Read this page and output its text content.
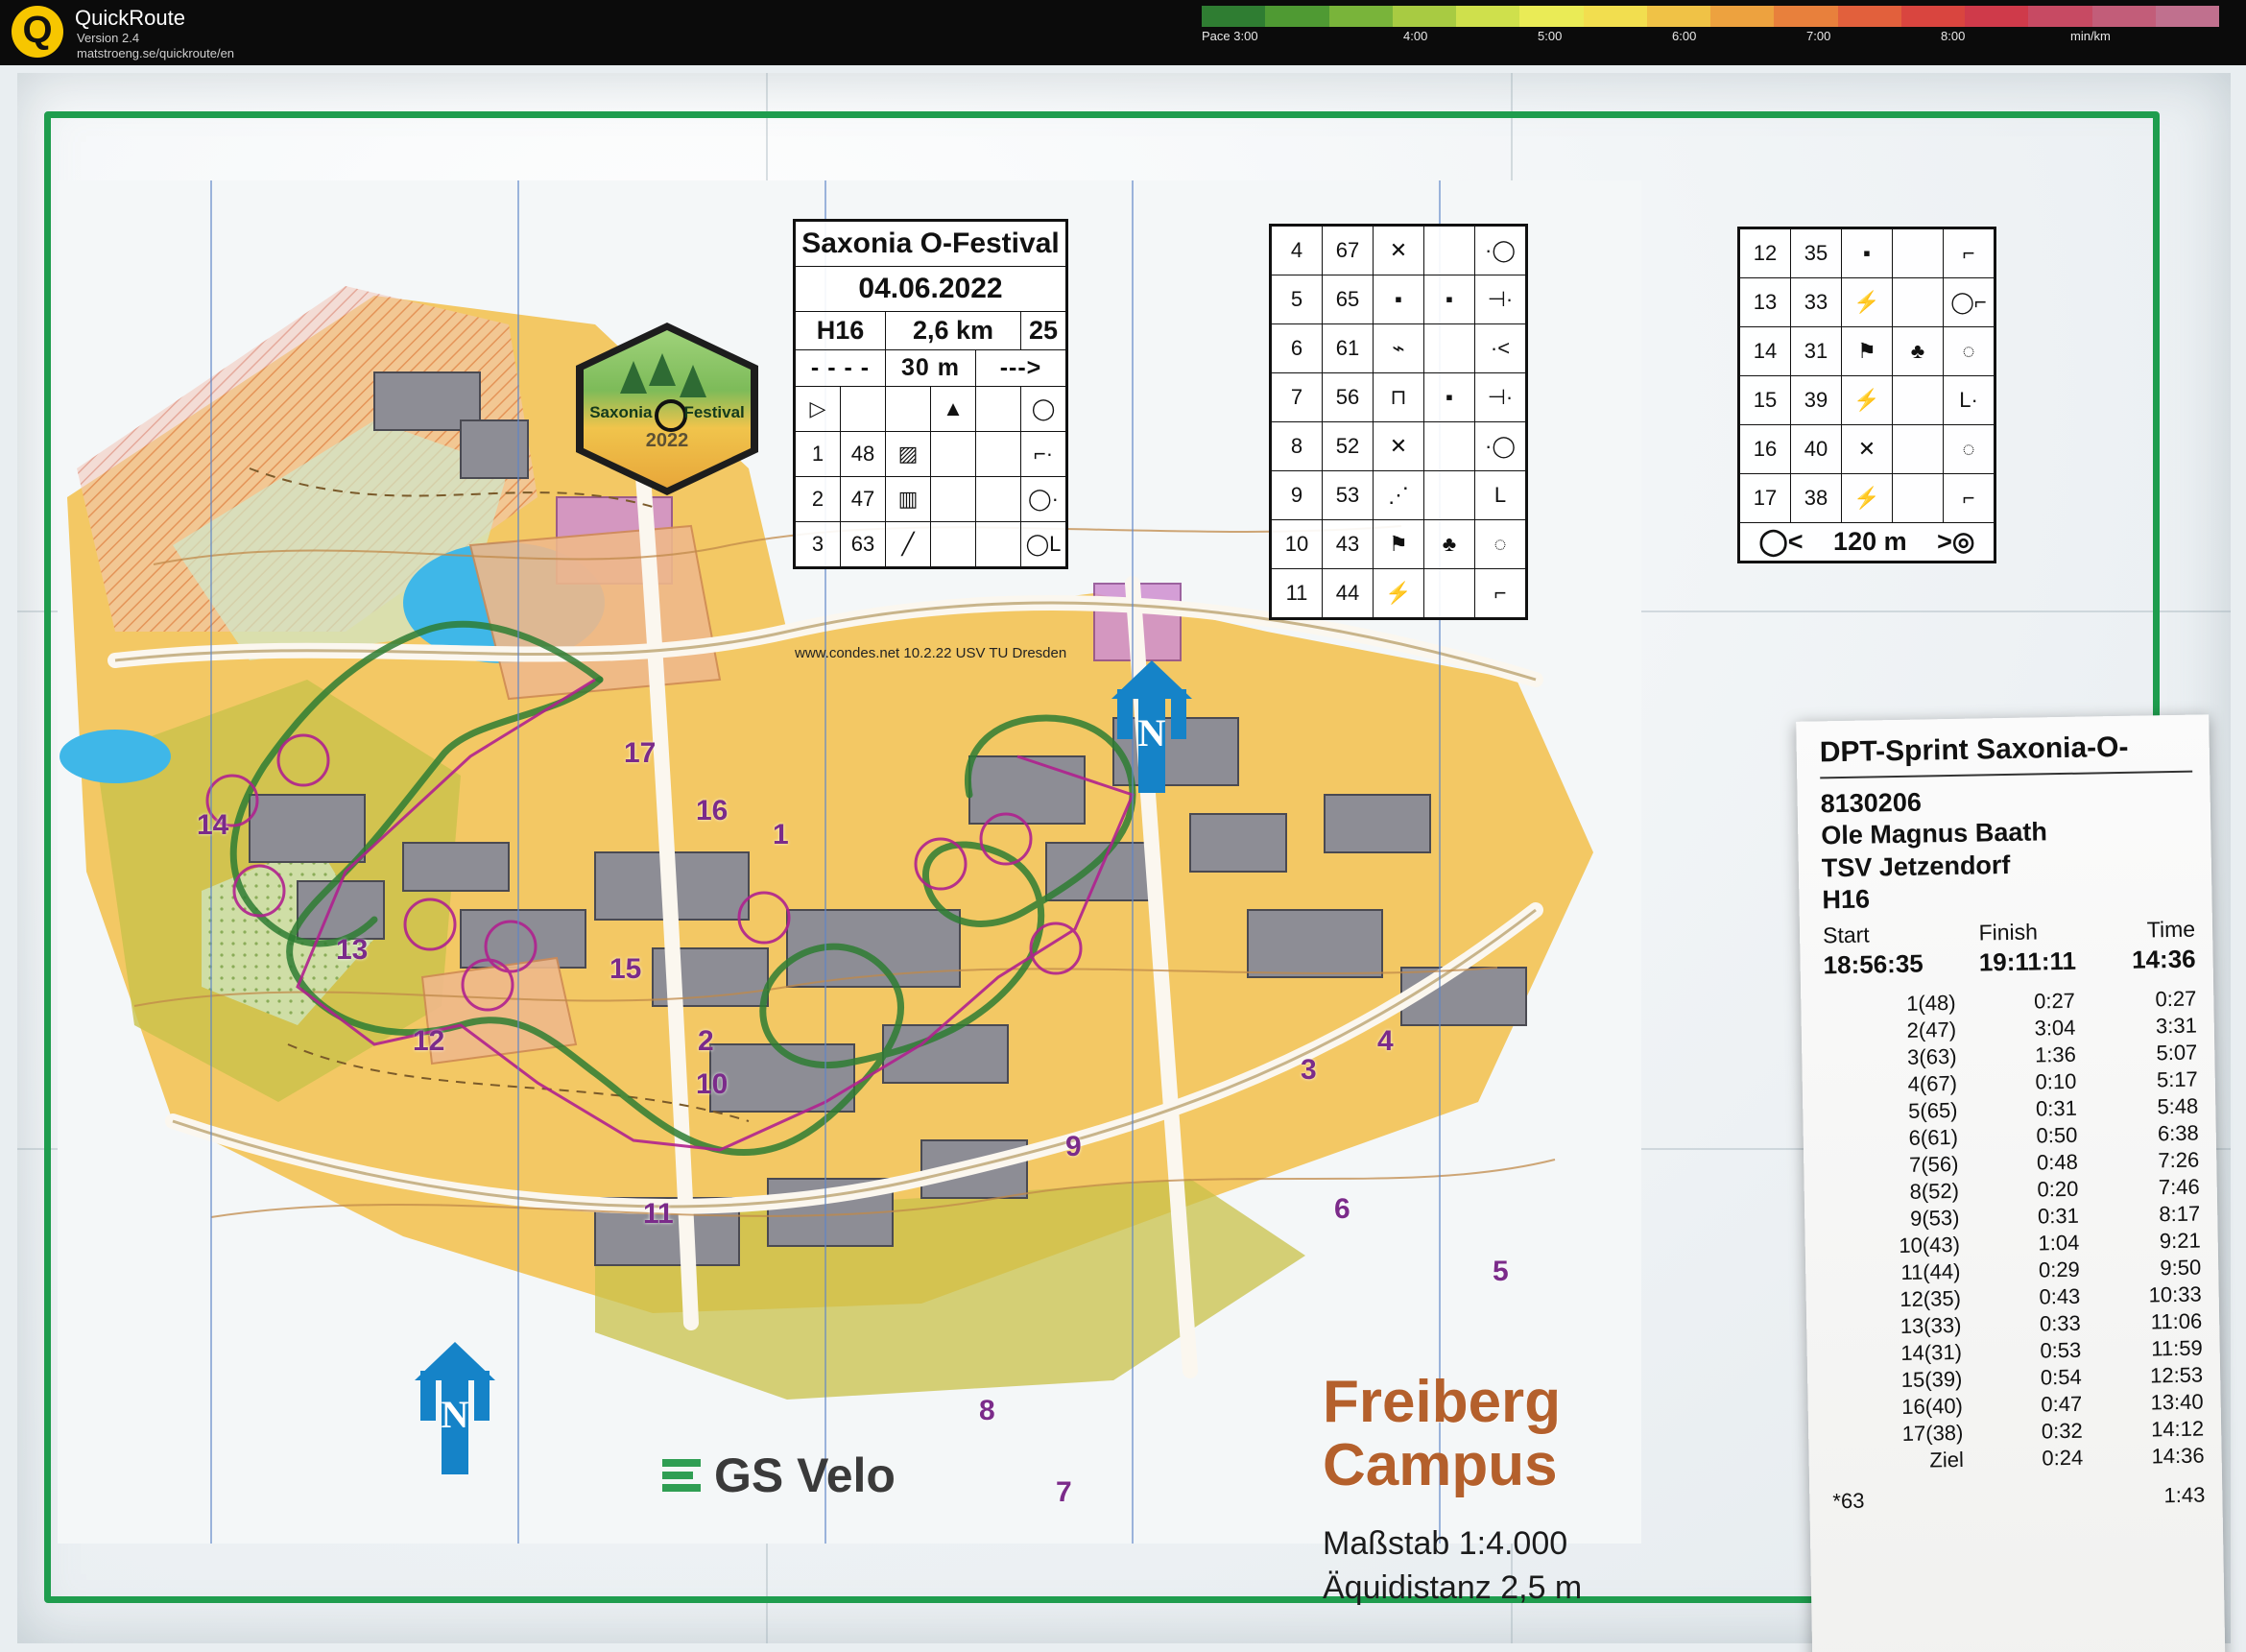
Q	QuickRoute
Version 2.4
matstroeng.se/quickroute/en
Pace 3:00	4:00	5:00	6:00	7:00	8:00	min/km
17
16
14
13
15
12
10
11
8
7
9
2
1
3
4
6
5
Saxonia O-Festival					
04.06.2022					
H16		2,6 km			25
- - - -		30 m		--->	

▷			▲		◯

1	48	▨			⌐·

2	47	▥			◯·

3	63	╱			◯L
www.condes.net 10.2.22 USV TU Dresden
4	67	✕		·◯

5	65	▪	▪	⊣·

6	61	⌁		·<

7	56	⊓	▪	⊣·

8	52	✕		·◯

9	53	⋰		L

10	43	⚑	♣	◌

11	44	⚡		⌐
12	35	▪		⌐

13	33	⚡		◯⌐

14	31	⚑	♣	◌

15	39	⚡		L·

16	40	✕		◌

17	38	⚡		⌐

◯< 120 m >◎				
Saxonia Festival
2022
N
N	Freiberg
Campus
Maßstab 1:4.000
Äquidistanz 2,5 m
GS Velo
DPT-Sprint Saxonia-O-
8130206
Ole Magnus Baath
TSV Jetzendorf
H16
Start	Finish	Time
18:56:35 19:11:11 14:36
1(48)	0:27	0:27
2(47)	3:04	3:31
3(63)	1:36	5:07
4(67)	0:10	5:17
5(65)	0:31	5:48
6(61)	0:50	6:38
7(56)	0:48	7:26
8(52)	0:20	7:46
9(53)	0:31	8:17
10(43)	1:04	9:21
11(44)	0:29	9:50
12(35)	0:43	10:33
13(33)	0:33	11:06
14(31)	0:53	11:59
15(39)	0:54	12:53
16(40)	0:47	13:40
17(38)	0:32	14:12
Ziel	0:24	14:36
*63	1:43
